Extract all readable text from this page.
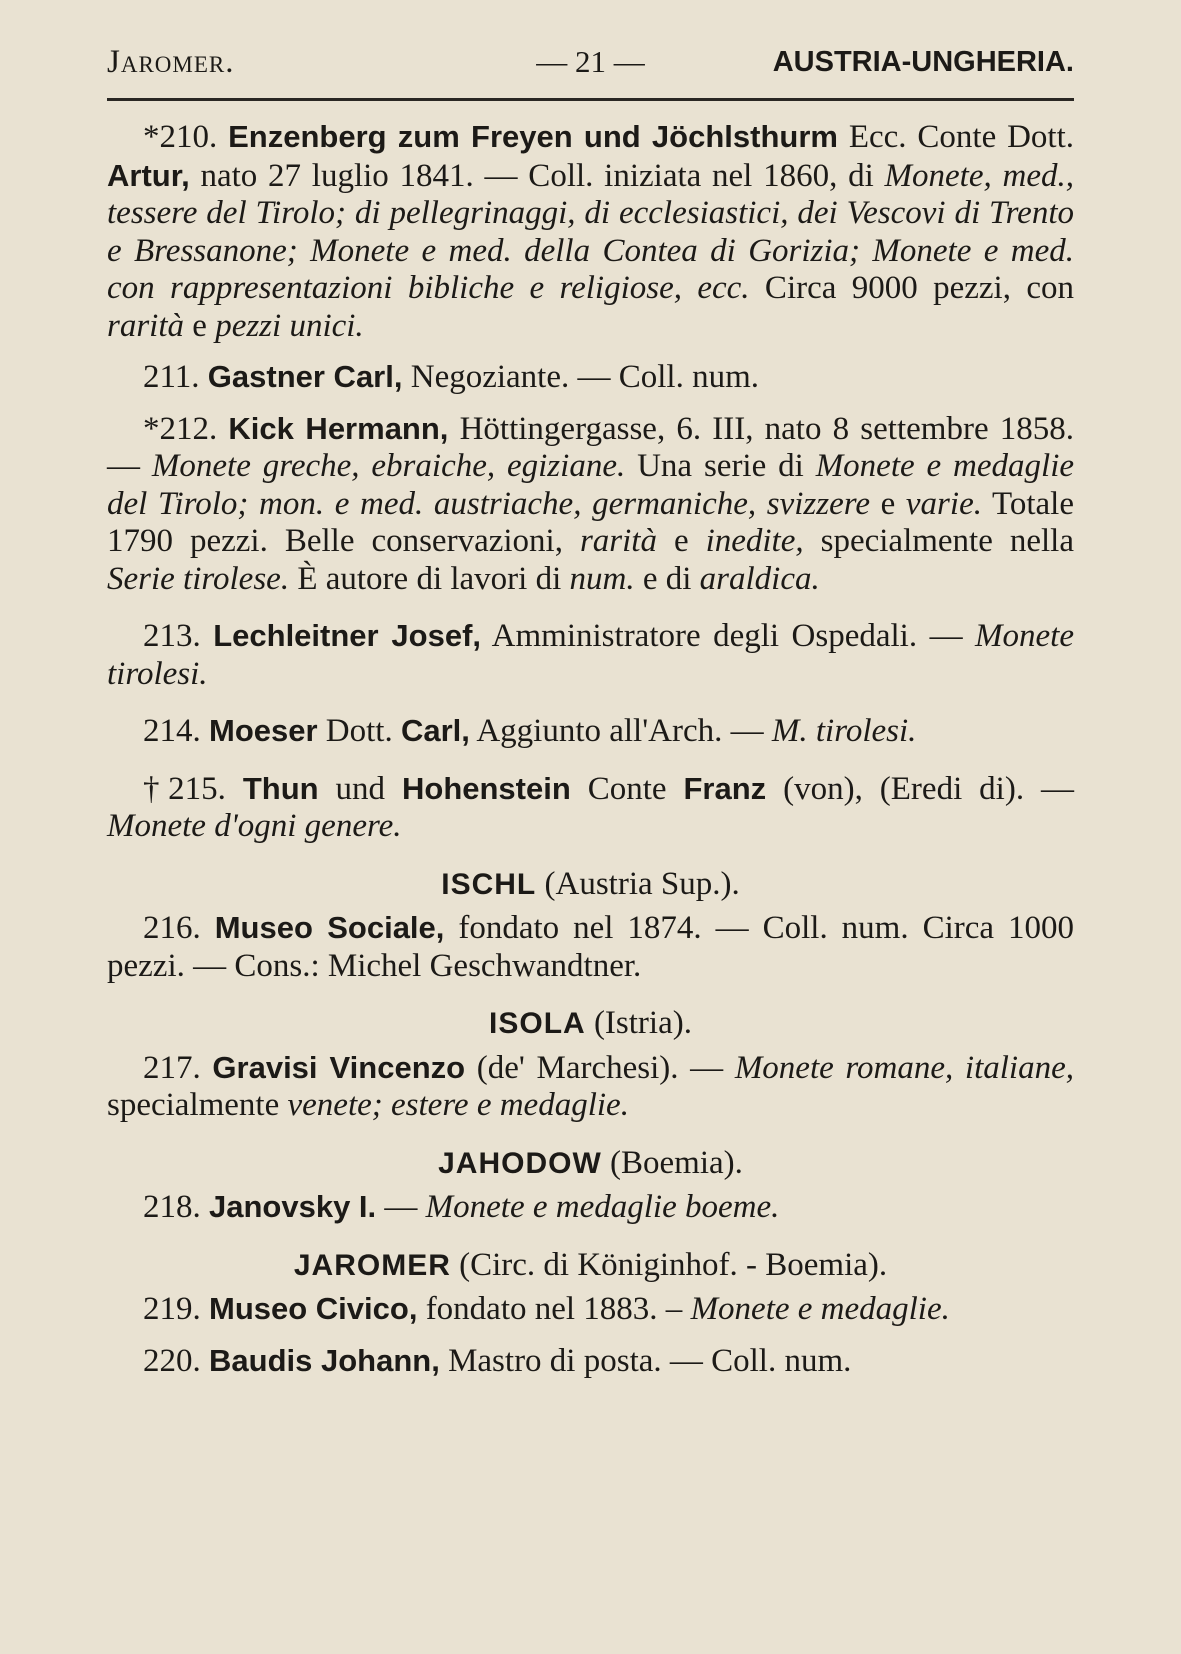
Jaromer.	— 21 —	AUSTRIA-UNGHERIA.

*210. Enzenberg zum Freyen und Jöchlsthurm Ecc. Conte Dott. Artur, nato 27 luglio 1841. — Coll. iniziata nel 1860, di Monete, med., tessere del Tirolo; di pellegrinaggi, di ecclesiastici, dei Vescovi di Trento e Bressanone; Monete e med. della Contea di Gorizia; Monete e med. con rappresentazioni bibliche e religiose, ecc. Circa 9000 pezzi, con rarità e pezzi unici.

211. Gastner Carl, Negoziante. — Coll. num.

*212. Kick Hermann, Höttingergasse, 6. III, nato 8 settembre 1858. — Monete greche, ebraiche, egiziane. Una serie di Monete e medaglie del Tirolo; mon. e med. austriache, germaniche, svizzere e varie. Totale 1790 pezzi. Belle conservazioni, rarità e inedite, specialmente nella Serie tirolese. È autore di lavori di num. e di araldica.

213. Lechleitner Josef, Amministratore degli Ospedali. — Monete tirolesi.

214. Moeser Dott. Carl, Aggiunto all'Arch. — M. tirolesi.

†215. Thun und Hohenstein Conte Franz (von), (Eredi di). — Monete d'ogni genere.

ISCHL (Austria Sup.).

216. Museo Sociale, fondato nel 1874. — Coll. num. Circa 1000 pezzi. — Cons.: Michel Geschwandtner.

ISOLA (Istria).

217. Gravisi Vincenzo (de' Marchesi). — Monete romane, italiane, specialmente venete; estere e medaglie.

JAHODOW (Boemia).

218. Janovsky I. — Monete e medaglie boeme.

JAROMER (Circ. di Königinhof. - Boemia).

219. Museo Civico, fondato nel 1883. – Monete e medaglie.

220. Baudis Johann, Mastro di posta. — Coll. num.
